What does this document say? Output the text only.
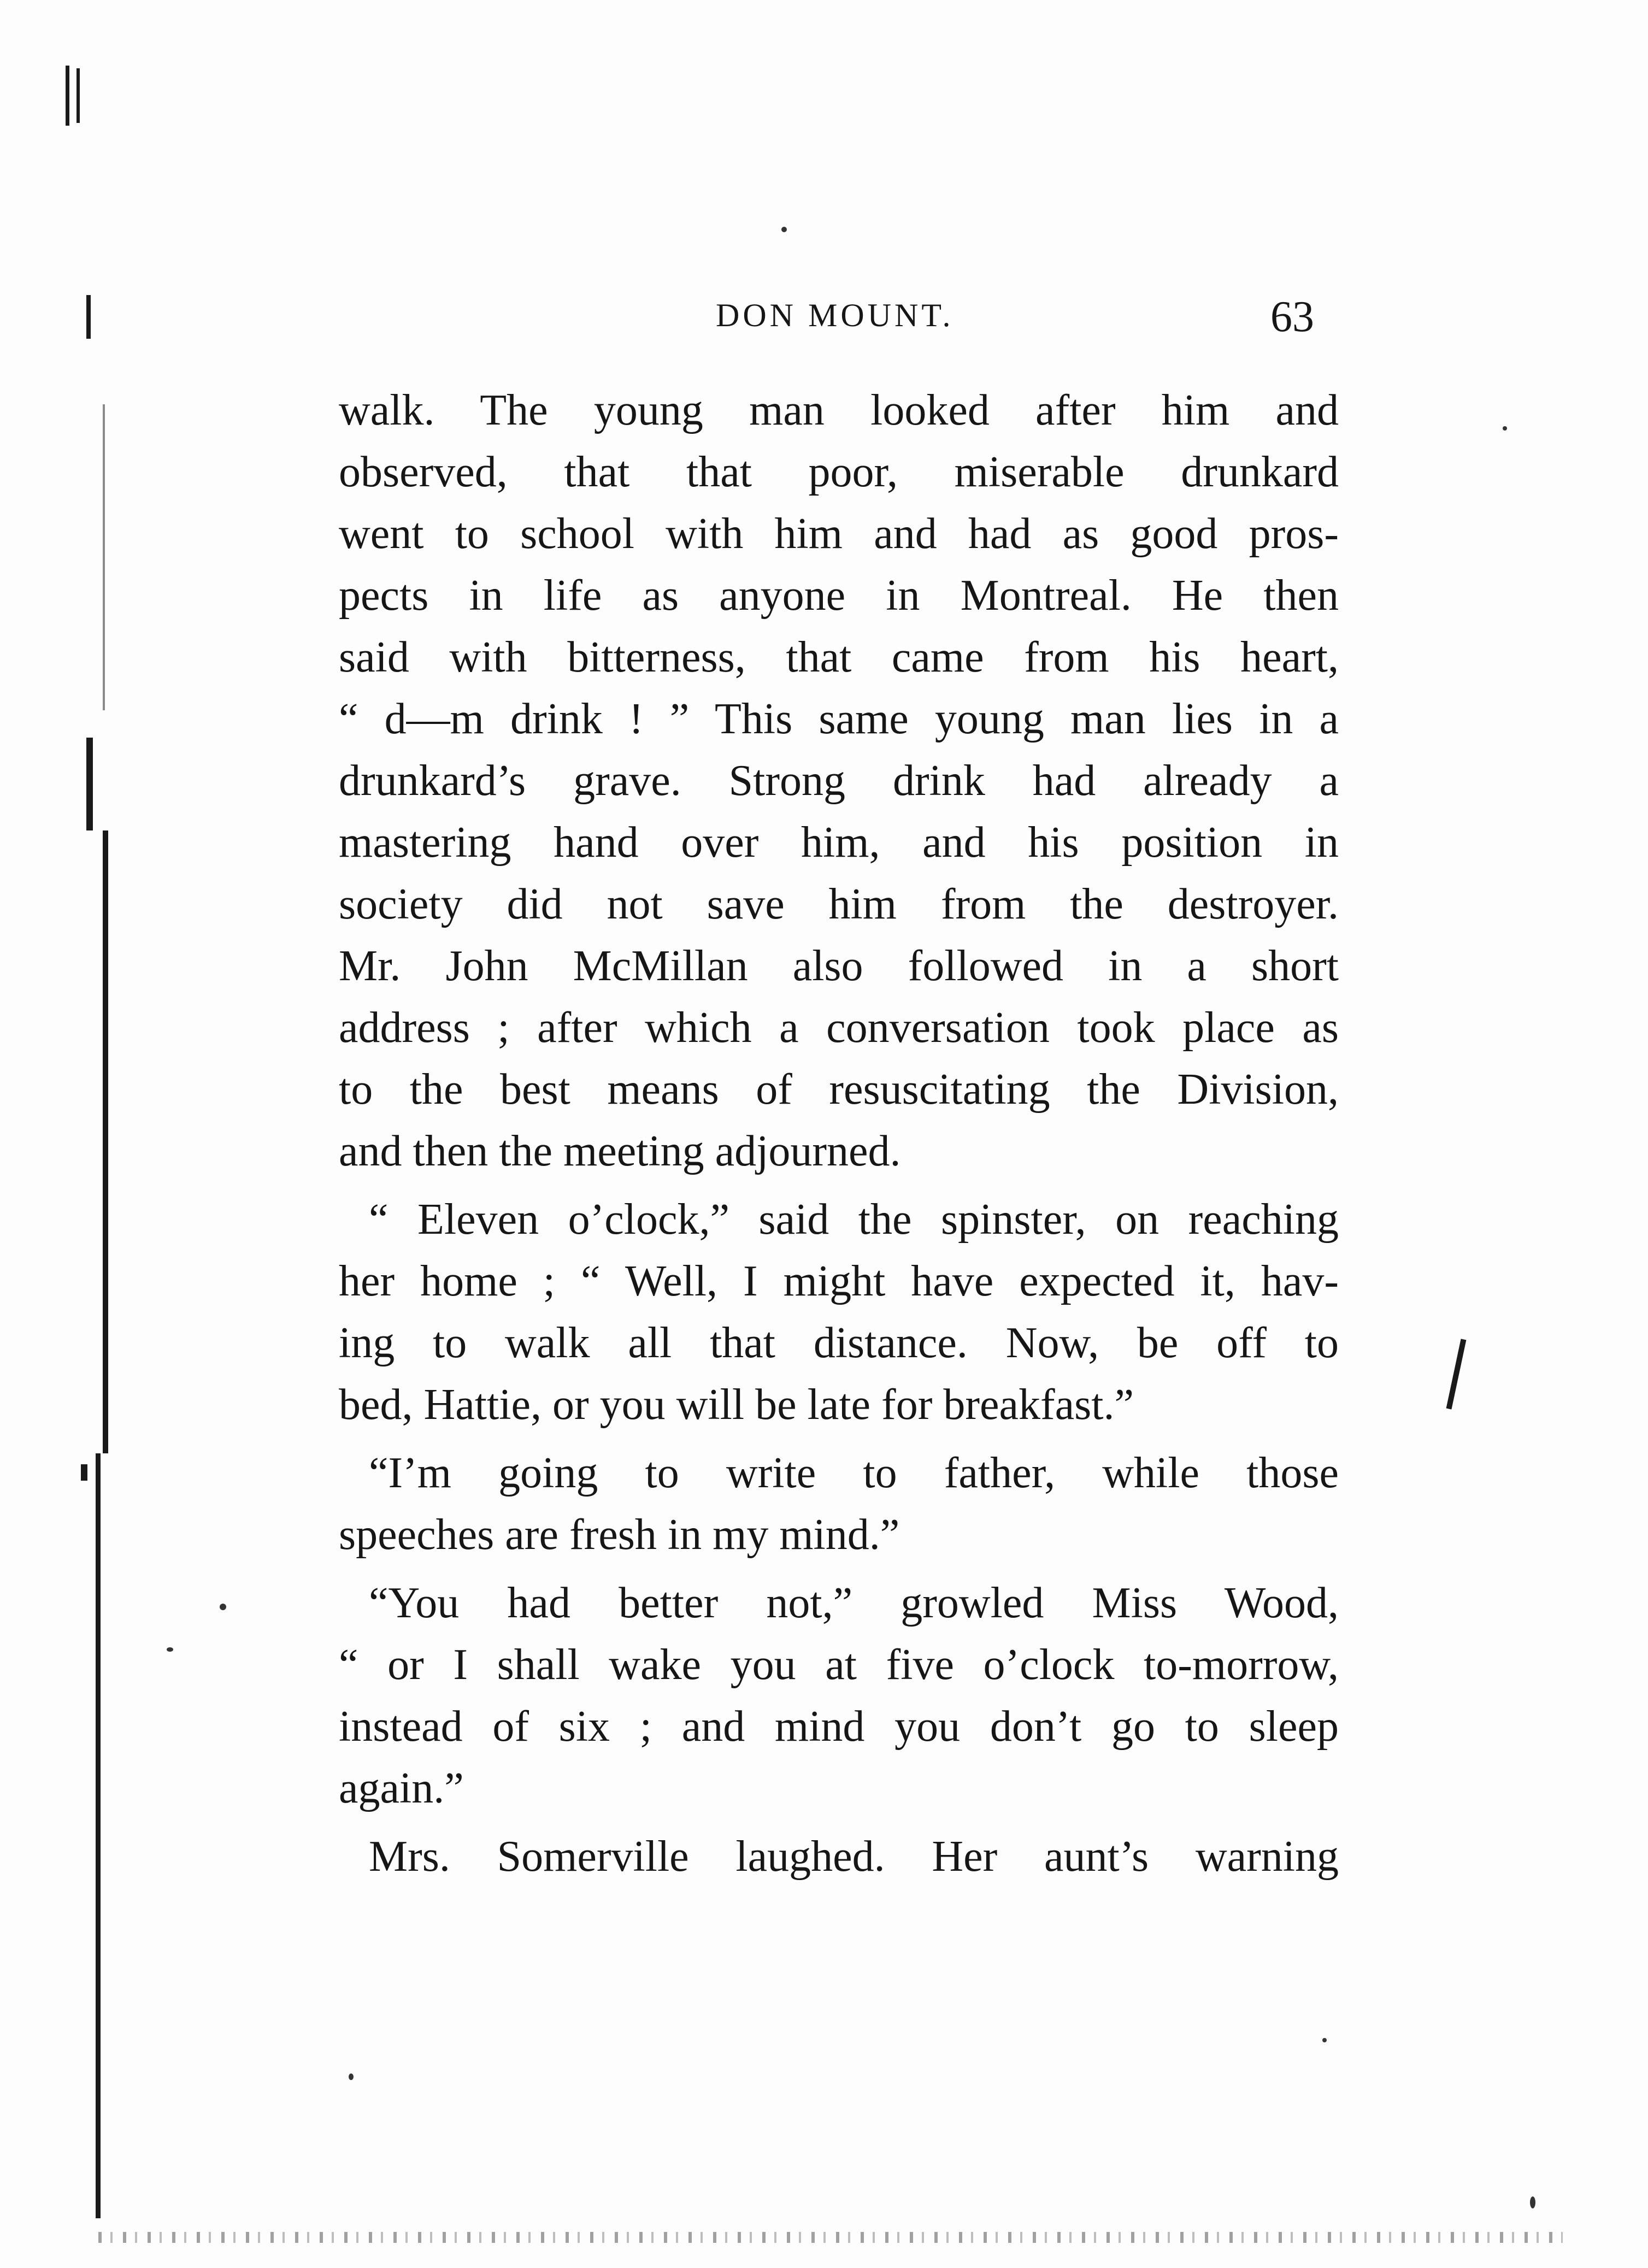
DON MOUNT.	63
walk. The young man looked after him and
observed, that that poor, miserable drunkard
went to school with him and had as good pros-
pects in life as anyone in Montreal. He then
said with bitterness, that came from his heart,
“ d—m drink ! ” This same young man lies in a
drunkard’s grave. Strong drink had already a
mastering hand over him, and his position in
society did not save him from the destroyer.
Mr. John McMillan also followed in a short
address ; after which a conversation took place as
to the best means of resuscitating the Division,
and then the meeting adjourned.
“ Eleven o’clock,” said the spinster, on reaching
her home ; “ Well, I might have expected it, hav-
ing to walk all that distance. Now, be off to
bed, Hattie, or you will be late for breakfast.”
“I’m going to write to father, while those
speeches are fresh in my mind.”
“You had better not,” growled Miss Wood,
“ or I shall wake you at five o’clock to-morrow,
instead of six ; and mind you don’t go to sleep
again.”
Mrs. Somerville laughed. Her aunt’s warning
